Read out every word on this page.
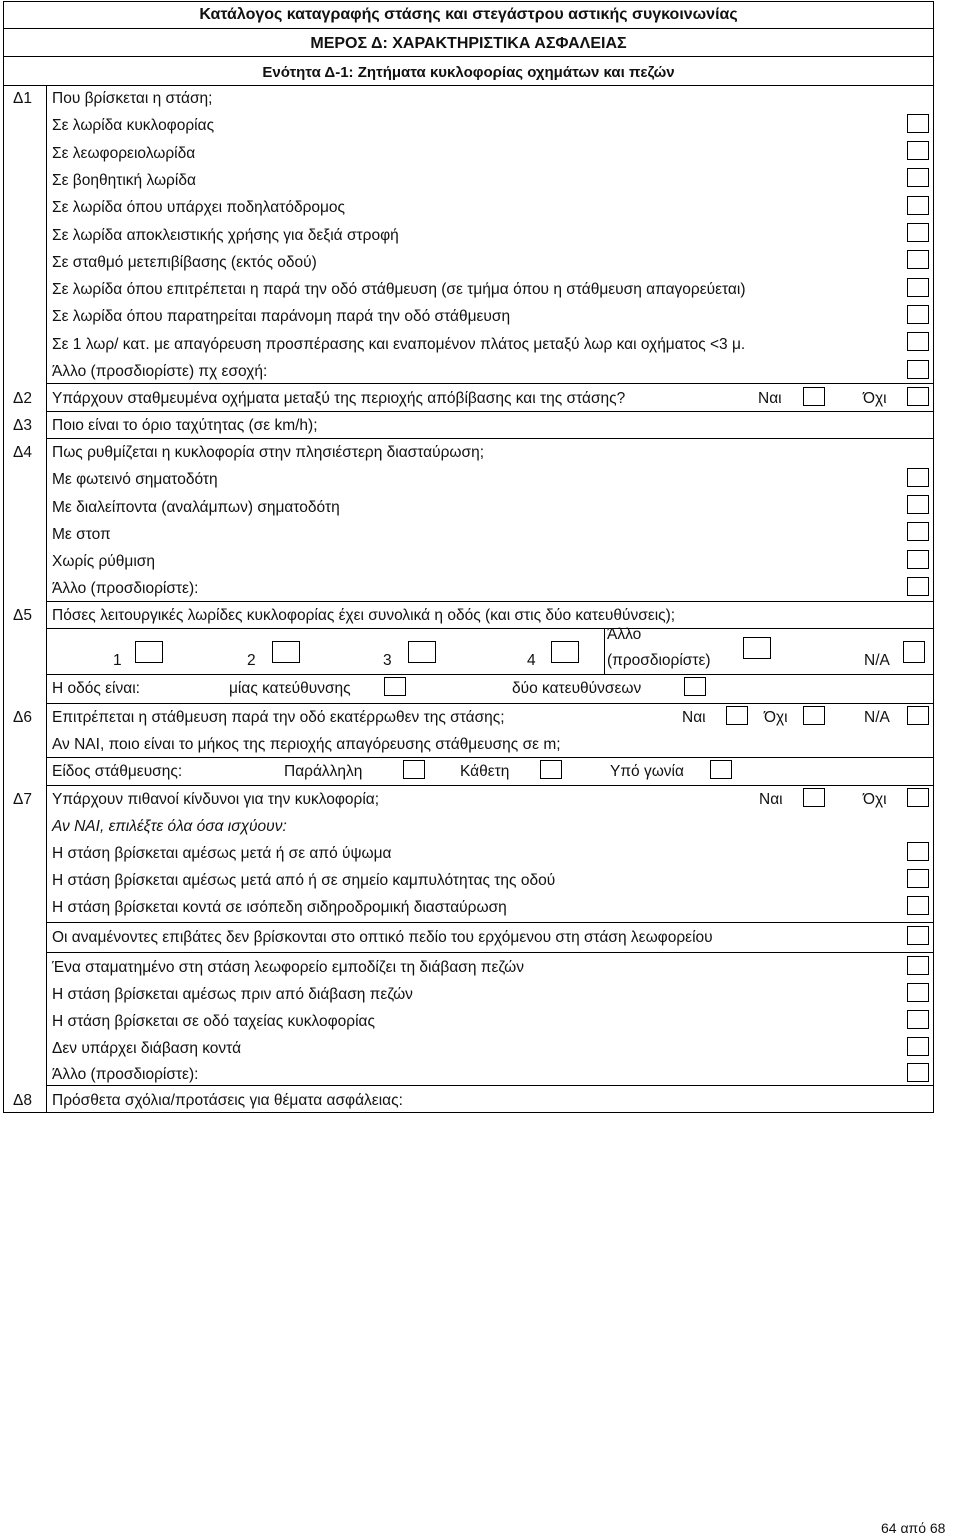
Κατάλογος καταγραφής στάσης και στεγάστρου αστικής συγκοινωνίας
ΜΕΡΟΣ Δ: ΧΑΡΑΚΤΗΡΙΣΤΙΚΑ ΑΣΦΑΛΕΙΑΣ
Ενότητα Δ-1: Ζητήματα κυκλοφορίας οχημάτων και πεζών
Δ1 Που βρίσκεται η στάση;
Σε λωρίδα κυκλοφορίας
Σε λεωφορειολωρίδα
Σε βοηθητική λωρίδα
Σε λωρίδα όπου υπάρχει ποδηλατόδρομος
Σε λωρίδα αποκλειστικής χρήσης για δεξιά στροφή
Σε σταθμό μετεπιβίβασης (εκτός οδού)
Σε λωρίδα όπου επιτρέπεται η παρά την οδό στάθμευση (σε τμήμα όπου η στάθμευση απαγορεύεται)
Σε λωρίδα όπου παρατηρείται παράνομη παρά την οδό στάθμευση
Σε 1 λωρ/ κατ. με απαγόρευση προσπέρασης και εναπομένον πλάτος μεταξύ λωρ και οχήματος <3 μ.
Άλλο (προσδιορίστε) πχ εσοχή:
Δ2 Υπάρχουν σταθμευμένα οχήματα μεταξύ της περιοχής απόβίβασης και της στάσης?	Ναι	Όχι
Δ3 Ποιο είναι το όριο ταχύτητας (σε km/h);
Δ4 Πως ρυθμίζεται η κυκλοφορία στην πλησιέστερη διασταύρωση;
Με φωτεινό σηματοδότη
Με διαλείποντα (αναλάμπων) σηματοδότη
Με στοπ
Χωρίς ρύθμιση
Άλλο (προσδιορίστε):
Δ5 Πόσες λειτουργικές λωρίδες κυκλοφορίας έχει συνολικά η οδός (και στις δύο κατευθύνσεις);
1	2	3	4
Άλλο
(προσδιορίστε)	Ν/Α
Η οδός είναι:	μίας κατεύθυνσης	δύο κατευθύνσεων
Δ6 Επιτρέπεται η στάθμευση παρά την οδό εκατέρρωθεν της στάσης;	Ναι	Όχι	Ν/Α
Αν ΝΑΙ, ποιο είναι το μήκος της περιοχής απαγόρευσης στάθμευσης σε m;
Είδος στάθμευσης:	Παράλληλη	Κάθετη	Υπό γωνία
Δ7 Υπάρχουν πιθανοί κίνδυνοι για την κυκλοφορία;	Ναι	Όχι
Αν ΝΑΙ, επιλέξτε όλα όσα ισχύουν:
Η στάση βρίσκεται αμέσως μετά ή σε από ύψωμα
Η στάση βρίσκεται αμέσως μετά από ή σε σημείο καμπυλότητας της οδού
Η στάση βρίσκεται κοντά σε ισόπεδη σιδηροδρομική διασταύρωση
Οι αναμένοντες επιβάτες δεν βρίσκονται στο οπτικό πεδίο του ερχόμενου στη στάση λεωφορείου
Ένα σταματημένο στη στάση λεωφορείο εμποδίζει τη διάβαση πεζών
Η στάση βρίσκεται αμέσως πριν από διάβαση πεζών
Η στάση βρίσκεται σε οδό ταχείας κυκλοφορίας
Δεν υπάρχει διάβαση κοντά
Άλλο (προσδιορίστε):
Δ8 Πρόσθετα σχόλια/προτάσεις για θέματα ασφάλειας:
64 από 68
